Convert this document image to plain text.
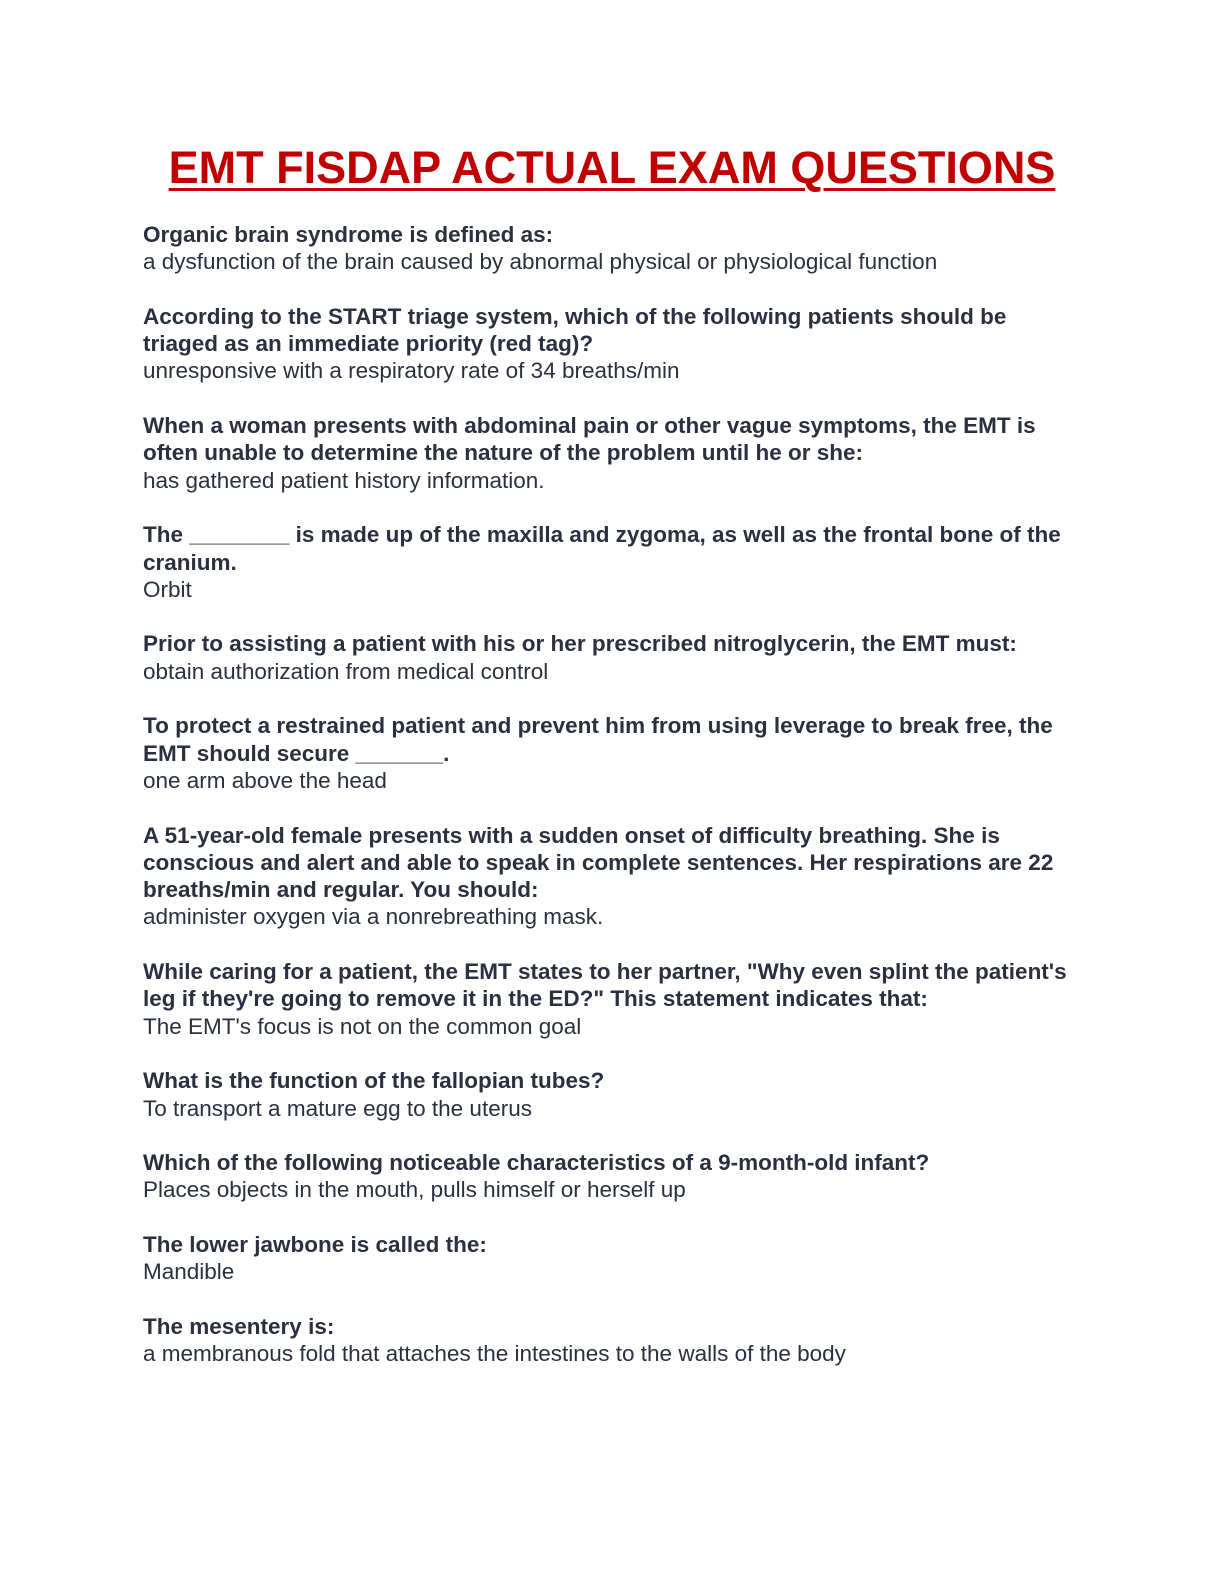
EMT FISDAP ACTUAL EXAM QUESTIONS
Organic brain syndrome is defined as:
a dysfunction of the brain caused by abnormal physical or physiological function
According to the START triage system, which of the following patients should be triaged as an immediate priority (red tag)?
unresponsive with a respiratory rate of 34 breaths/min
When a woman presents with abdominal pain or other vague symptoms, the EMT is often unable to determine the nature of the problem until he or she:
has gathered patient history information.
The ________ is made up of the maxilla and zygoma, as well as the frontal bone of the cranium.
Orbit
Prior to assisting a patient with his or her prescribed nitroglycerin, the EMT must:
obtain authorization from medical control
To protect a restrained patient and prevent him from using leverage to break free, the EMT should secure _______.
one arm above the head
A 51-year-old female presents with a sudden onset of difficulty breathing. She is conscious and alert and able to speak in complete sentences. Her respirations are 22 breaths/min and regular. You should:
administer oxygen via a nonrebreathing mask.
While caring for a patient, the EMT states to her partner, "Why even splint the patient's leg if they're going to remove it in the ED?" This statement indicates that:
The EMT's focus is not on the common goal
What is the function of the fallopian tubes?
To transport a mature egg to the uterus
Which of the following noticeable characteristics of a 9-month-old infant?
Places objects in the mouth, pulls himself or herself up
The lower jawbone is called the:
Mandible
The mesentery is:
a membranous fold that attaches the intestines to the walls of the body
